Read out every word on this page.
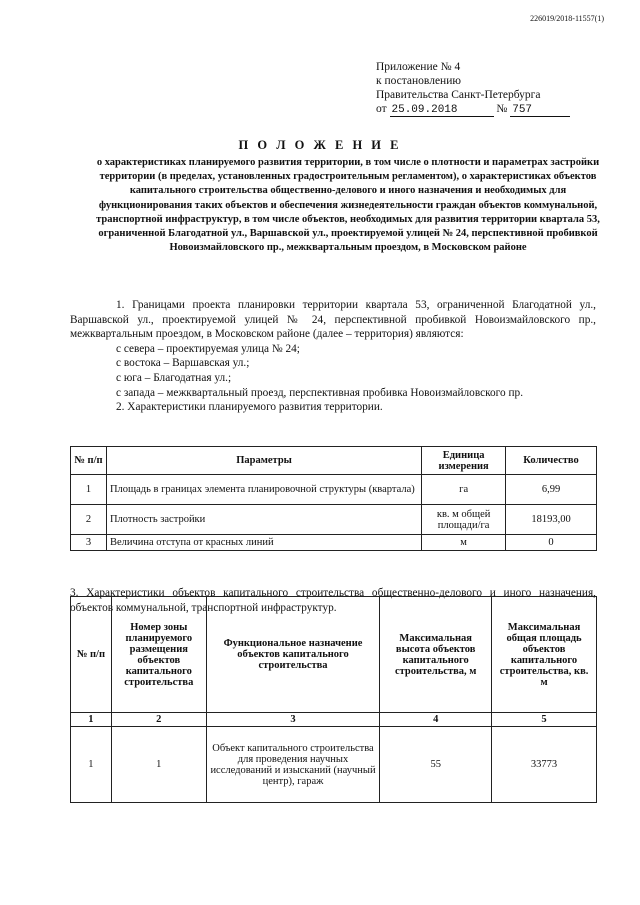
226019/2018-11557(1)
Приложение № 4
к постановлению
Правительства Санкт-Петербурга
от 25.09.2018	№ 757
П О Л О Ж Е Н И Е
о характеристиках планируемого развития территории, в том числе о плотности и параметрах застройки территории (в пределах, установленных градостроительным регламентом), о характеристиках объектов капитального строительства общественно-делового и иного назначения и необходимых для функционирования таких объектов и обеспечения жизнедеятельности граждан объектов коммунальной, транспортной инфраструктур, в том числе объектов, необходимых для развития территории квартала 53, ограниченной Благодатной ул., Варшавской ул., проектируемой улицей № 24, перспективной пробивкой Новоизмайловского пр., межквартальным проездом, в Московском районе

1. Границами проекта планировки территории квартала 53, ограниченной Благодатной ул., Варшавской ул., проектируемой улицей № 24, перспективной пробивкой Новоизмайловского пр., межквартальным проездом, в Московском районе (далее – территория) являются:

с севера – проектируемая улица № 24;

с востока – Варшавская ул.;

с юга – Благодатная ул.;

с запада – межквартальный проезд, перспективная пробивка Новоизмайловского пр.

2. Характеристики планируемого развития территории.

№ п/п	Параметры	Единица измерения	Количество
1	Площадь в границах элемента планировочной структуры (квартала)	га	6,99
2	Плотность застройки	кв. м общей площади/га	18193,00
3	Величина отступа от красных линий	м	0

3. Характеристики объектов капитального строительства общественно-делового и иного назначения, объектов коммунальной, транспортной инфраструктур.

№ п/п	Номер зоны планируемого размещения объектов капитального строительства	Функциональное назначение объектов капитального строительства	Максимальная высота объектов капитального строительства, м	Максимальная общая площадь объектов капитального строительства, кв. м
1	2	3	4	5
1	1	Объект капитального строительства для проведения научных исследований и изысканий (научный центр), гараж	55	33773
